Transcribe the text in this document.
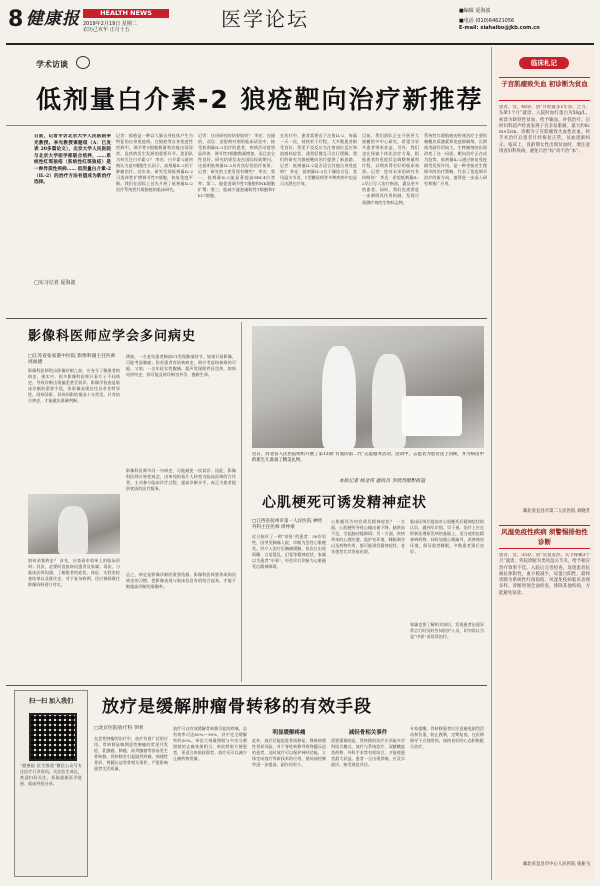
8 健康报	HEALTH NEWS
2019年2月19日 星期二
农历己亥年 正月十五	医学论坛	■编辑 夏海波
■电话 (010)64621056
E-mail: xiahaibo@jkb.com.cn
学术访谈
低剂量白介素-2 狼疮靶向治疗新推荐
日前，记者专访北京大学人民医院李光教授。李光教授课题组（A：已发表 20多篇论文），北京大学人民医院与北京大学医学部联合培养，……系统性红斑狼疮（系统性红斑狼疮）是一种异质性疾病…… 低剂量白介素-2（IL-2）的治疗方法有望成为新治疗选择。
□实习记者 夏海波
记者：狼疮是一种以大量自身抗体产生为特征的自身免疫病。在狼疮等自身免疫性疾病中，调节性T细胞数量和功能出现异常，是疾病发生发展的重要环节。您团队为何关注白介素-2？ 李光：白介素-2最初被认为是T细胞生长因子，高剂量IL-2用于肿瘤治疗。近年来，研究发现低剂量IL-2可选择性扩增调节性T细胞，恢复免疫平衡。我们在国际上首先开展了低剂量IL-2治疗系统性红斑狼疮的临床研究。
记者：这项研究的结果如何？ 李光：在随机、双盲、安慰剂对照的临床试验中，接受低剂量IL-2治疗的患者，疾病活动度明显改善，调节性T细胞数量增加，而且安全性良好。研究结果发表在国际权威期刊。这说明低剂量IL-2具有良好的治疗前景。记者：研究的主要发现有哪些？ 李光：第一，低剂量IL-2能显著提高SRI-4应答率；第二，能促进调节性T细胞和NK细胞扩增；第三，能减少滤泡辅助性T细胞和Th17细胞。
在治疗中，患者需要皮下注射IL-2，每隔一天一次，持续若干疗程。大多数患者耐受良好，常见不良反应为注射部位反应和流感样症状，通常轻微且可自行缓解。我们的研究为狼疮靶向治疗提供了新思路。记者：低剂量IL-2是否适合其他自身免疫病？ 李光：低剂量IL-2在干燥综合征、类风湿关节炎、1型糖尿病等多种疾病中也显示出潜在疗效。
目前，我们团队正在开展更大规模的多中心研究，希望为更多患者带来获益。另外，我们也在探索个体化治疗方案，根据患者的免疫状态调整剂量和疗程，以期获得更好的临床效果。记者：您对未来的研究有何期待？ 李光：希望低剂量IL-2早日写入治疗指南，惠及更多的患者。同时，我们也需要进一步阐明其作用机制，发现可预测疗效的生物标志物。
系统性红斑狼疮的传统治疗主要依赖糖皮质激素和免疫抑制剂，长期使用副作用较大。生物制剂的出现改变了这一局面，靶向治疗正在成为趋势。低剂量IL-2通过恢复免疫耐受发挥作用，是一种更接近生理调节的治疗策略，代表了免疫调节治疗的新方向，值得进一步深入研究和推广应用。
影像科医师应学会多问病史
□江苏省张家港中医院 影像科副主任医师 周福德
影像科医师给出影像诊断之前，应充分了解患者的病史。现实中，很多影像科医师只看片子不问病史，导致诊断出现偏差甚至误诊。影像学检查是临床诊断的重要手段，但影像表现往往具有非特异性，同病异影、异病同影的情况十分常见。只有结合病史，才能做出准确判断。
如何采集病史？ 首先，应查看申请单上的临床资料；其次，必要时直接询问患者及家属；再次，与临床医师沟通，了解患者的症状、体征、实验室检查结果以及既往史。对于复杂病例，还应调阅既往影像资料进行对比。
例如，一名老年患者胸部CT发现肺部结节，如果只看影像，可能考虑肺癌；但若患者有结核病史，则应考虑结核球的可能。又如，一名年轻女性腹痛，超声发现附件区包块，如询问停经史，则可能及时诊断宫外孕，挽救生命。
影像科医师多问一句病史，可能避免一次误诊。因此，影像科医师应转变观念，由单纯的看片人转变为临床医师的合作者，主动参与临床诊疗过程，提高诊断水平，真正为患者提供优质的医疗服务。
总之，病史是影像诊断的重要依据。影像科医师要养成询问病史的习惯，把影像表现与临床信息有机结合起来，才能不断提高诊断的准确率。
近日，河北省人民医院组织开展了第13期“有爱的第二代”志愿服务活动。活动中，志愿者为患者送上问候，并为病房中的新生儿准备了精美礼物。
本报记者 杨金伟 通讯员 李欣然摄影报道
心肌梗死可诱发精神症状
□江西省抚州市第一人民医院 神经外科主任医师 周仲康
近日接诊了一例“奇怪”的患者：58岁男性，因突发胸痛入院，诊断为急性心肌梗死。经介入治疗后胸痛缓解，但次日出现烦躁、言语混乱、幻觉等精神症状，家属以为患者“中邪”。经会诊后诊断为心肌梗死后精神障碍。
心肌梗死为何会诱发精神症状？ 一方面，心肌梗死导致心输出量下降，脑供血不足，引起脑功能障碍；另一方面，疾病带来的心理应激、监护室环境、睡眠剥夺以及药物作用，都可能诱发精神症状。老年患者尤其容易出现。
临床医师应提高对心肌梗死后精神症状的认识，做到早识别、早干预。治疗上应在积极处理原发病的基础上，适当使用抗精神病药物，同时加强心理疏导，改善病房环境，保证患者睡眠，多数患者预后良好。
家属也要了解相关知识，发现患者出现异常言行时及时告知医护人员，切勿误认为是“中邪”而延误治疗。
扫一扫 加入我们
“健康报·医生频道”微信公众号专注医疗行业资讯，关注医生成长，欢迎扫码关注，获取最新医学进展、临床经验分享。
放疗是缓解肿瘤骨转移的有效手段
□北京医院放疗科 李明
在恶性肿瘤的治疗中，放疗有着广泛的应用。骨转移是晚期恶性肿瘤的常见并发症，乳腺癌、肺癌、前列腺癌等容易发生骨转移。骨转移会引起剧烈疼痛、病理性骨折、脊髓压迫等骨相关事件，严重影响患者生活质量。
放疗可以有效缓解骨转移引起的疼痛，总有效率可达80%～90%，其中完全缓解率约30%。单次大剂量照射与多次分割照射的止痛效果相当，单次照射方便患者，更适合体质较弱者。放疗还可以减少止痛药物用量。
明显缓解疼痛
此外，放疗还能促进骨质修复，降低病理性骨折风险，对于脊柱转移导致脊髓压迫的患者，及时放疗可以保护神经功能。立体定向放疗等新技术的应用，使局部控制率进一步提高，副作用更小。
减轻骨相关事件
需要强调的是，骨转移的治疗应采取多学科综合模式，放疗与系统治疗、双膦酸盐类药物、外科手术等有机结合，才能使患者最大获益。患者一旦出现骨痛，应及早就诊，接受规范评估。
专家提醒，骨转移患者应注意避免剧烈活动和负重，防止跌倒，定期复查，在医师指导下合理用药，保持良好的心态积极配合治疗。
临床札记
子宫肌瘤致失血 初诊断为贫血
患者，女，48岁。因“月经量多1年余，乏力、头晕1个月”就诊，入院时血红蛋白为58g/L，初诊为缺铁性贫血，给予输血、补铁治疗。后经妇科超声检查发现子宫多发肌瘤，最大约6cm×5cm，诊断为子宫肌瘤致失血性贫血。经手术治疗后患者月经恢复正常，贫血逐渐纠正。临床上，育龄期女性出现贫血时，要注意排查妇科疾病，避免只治“标”而不治“本”。
湖北省宜昌市第二人民医院 刘晓芳
风湿免疫性疾病 须警惕排他性诊断
患者，女，35岁。因“反复发热、关节疼痛3个月”就诊。外院诊断为类风湿关节炎，给予相应治疗效果不佳。入院后完善检查，发现患者抗核抗体阳性，血小板减少，尿蛋白阳性，最终诊断为系统性红斑狼疮。风湿免疫病临床表现多样，诊断时须全面检查，排除其他疾病，方能避免误诊。
湖北省宜昌市中心人民医院 张振飞
